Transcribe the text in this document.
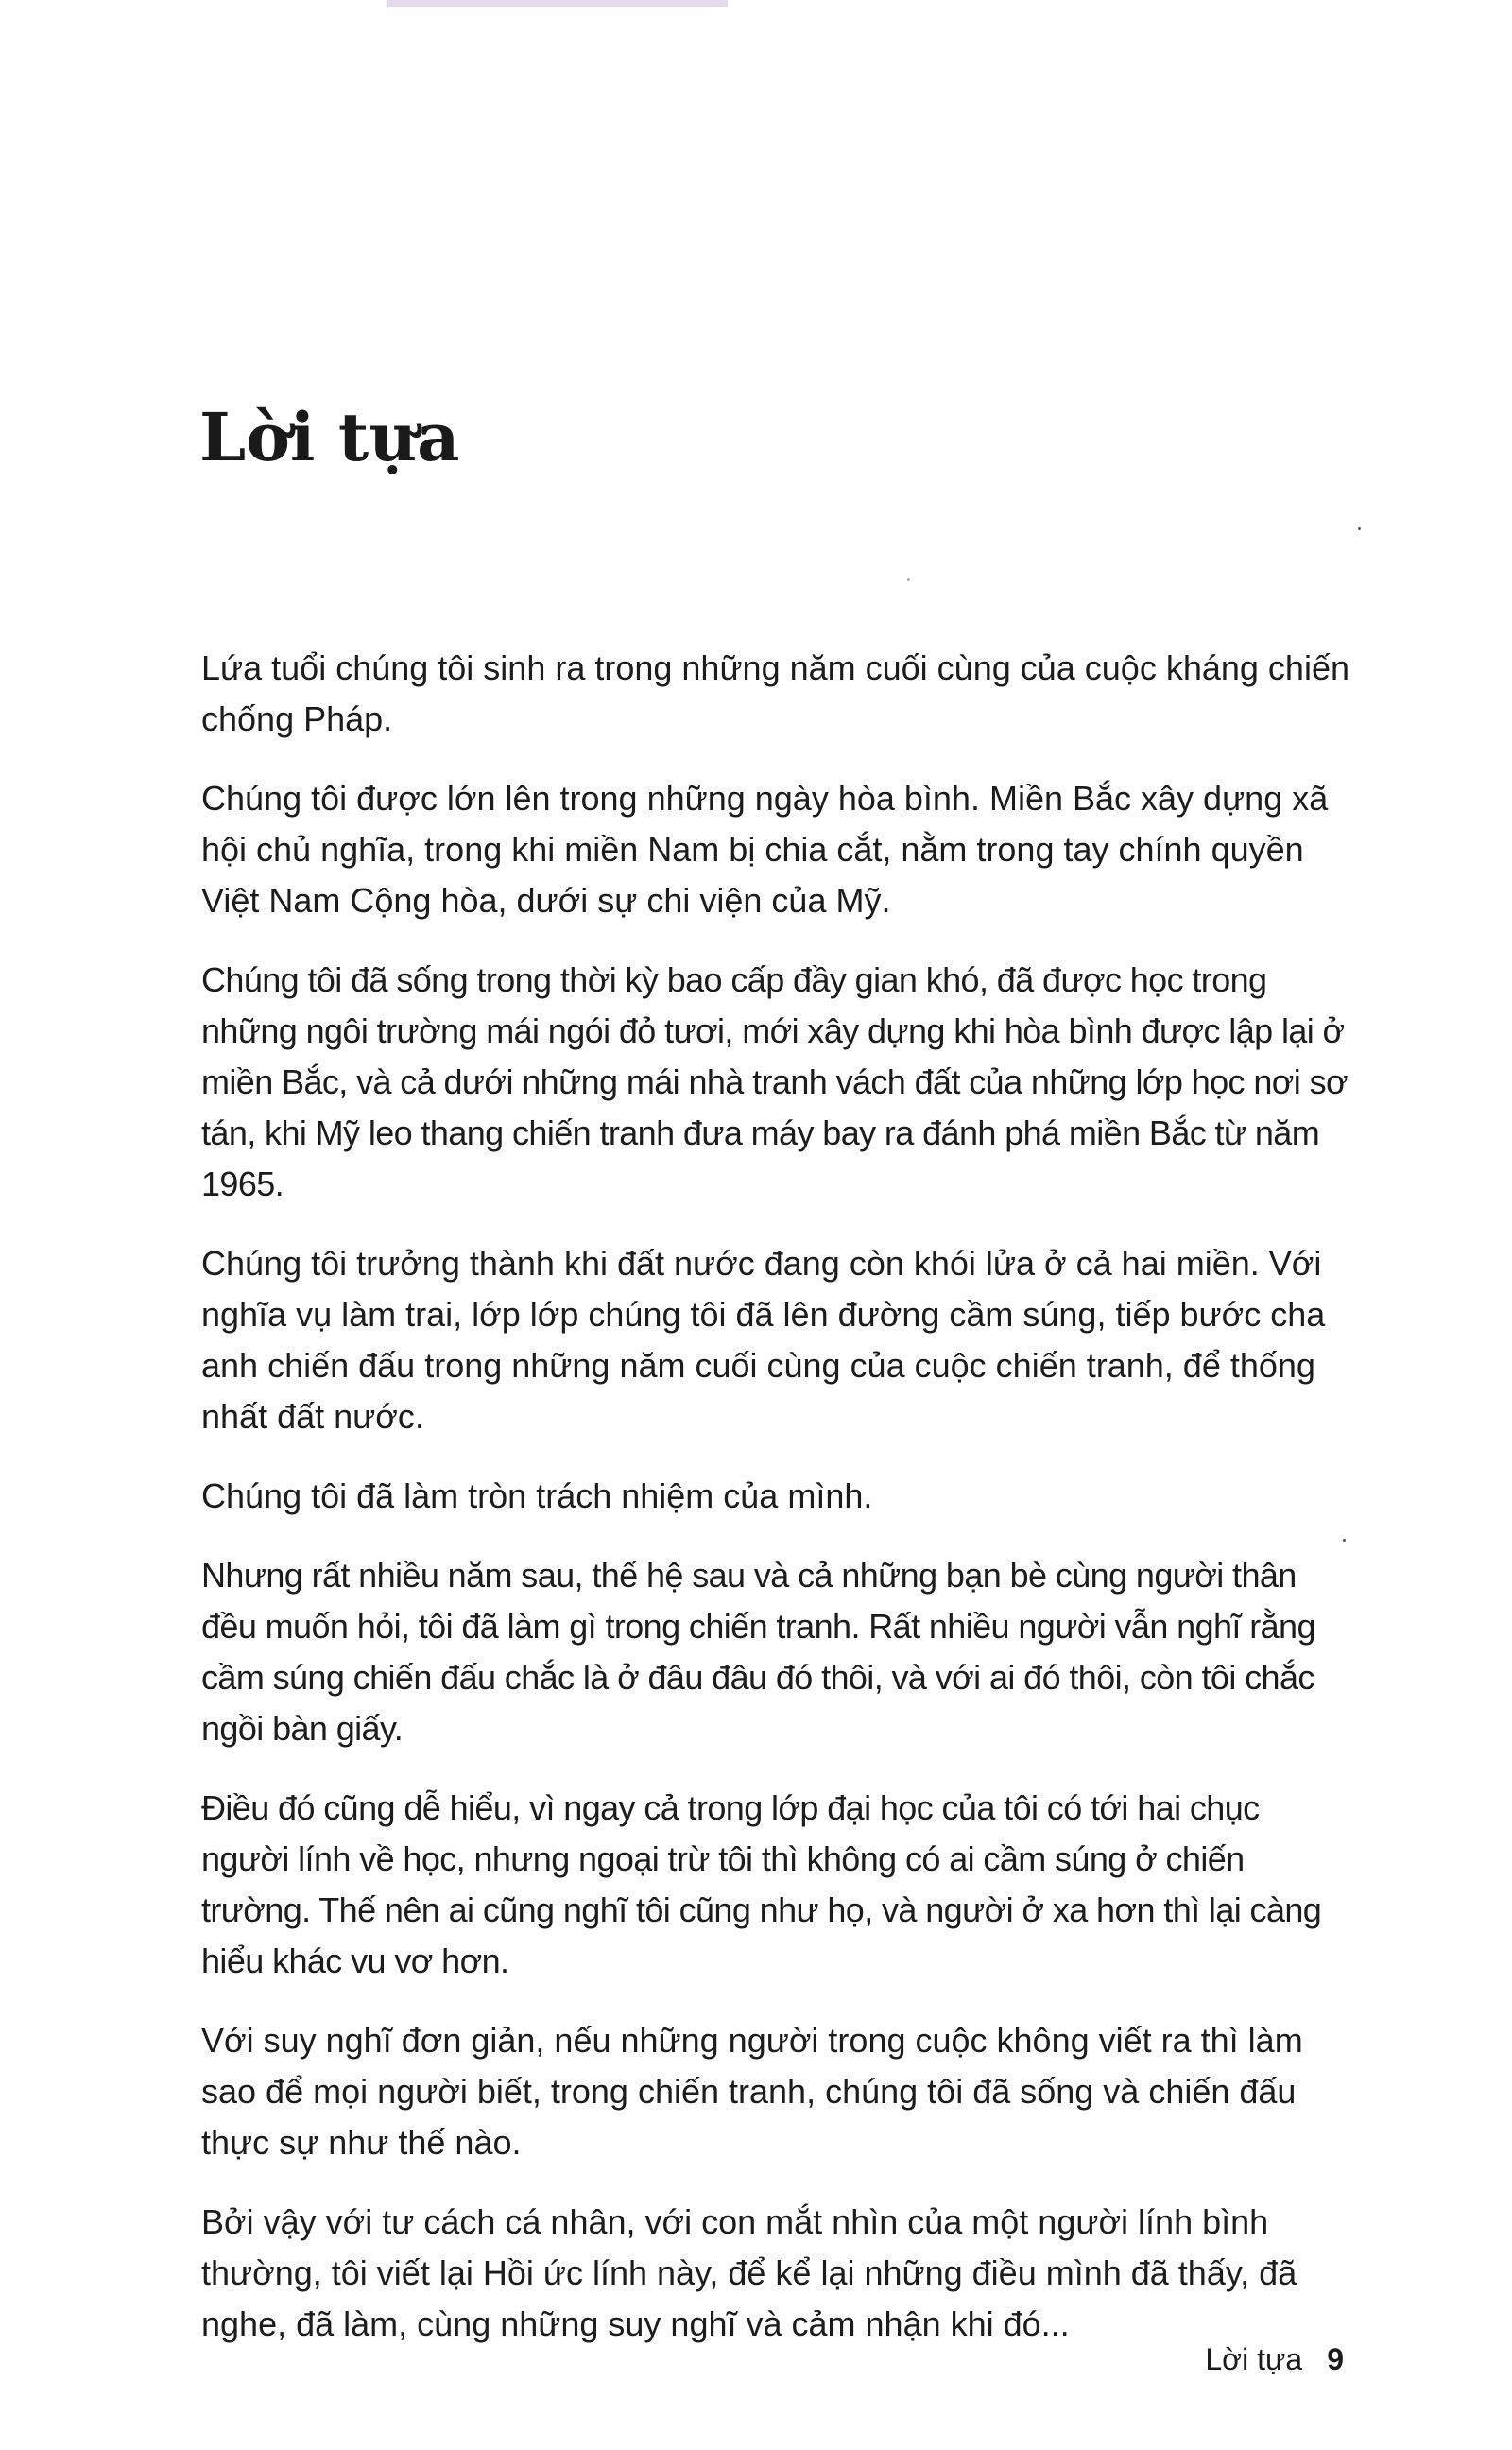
Lời tựa

Lứa tuổi chúng tôi sinh ra trong những năm cuối cùng của cuộc kháng chiến chống Pháp.

Chúng tôi được lớn lên trong những ngày hòa bình. Miền Bắc xây dựng xã hội chủ nghĩa, trong khi miền Nam bị chia cắt, nằm trong tay chính quyền Việt Nam Cộng hòa, dưới sự chi viện của Mỹ.

Chúng tôi đã sống trong thời kỳ bao cấp đầy gian khó, đã được học trong những ngôi trường mái ngói đỏ tươi, mới xây dựng khi hòa bình được lập lại ở miền Bắc, và cả dưới những mái nhà tranh vách đất của những lớp học nơi sơ tán, khi Mỹ leo thang chiến tranh đưa máy bay ra đánh phá miền Bắc từ năm 1965.

Chúng tôi trưởng thành khi đất nước đang còn khói lửa ở cả hai miền. Với nghĩa vụ làm trai, lớp lớp chúng tôi đã lên đường cầm súng, tiếp bước cha anh chiến đấu trong những năm cuối cùng của cuộc chiến tranh, để thống nhất đất nước.

Chúng tôi đã làm tròn trách nhiệm của mình.

Nhưng rất nhiều năm sau, thế hệ sau và cả những bạn bè cùng người thân đều muốn hỏi, tôi đã làm gì trong chiến tranh. Rất nhiều người vẫn nghĩ rằng cầm súng chiến đấu chắc là ở đâu đâu đó thôi, và với ai đó thôi, còn tôi chắc ngồi bàn giấy.

Điều đó cũng dễ hiểu, vì ngay cả trong lớp đại học của tôi có tới hai chục người lính về học, nhưng ngoại trừ tôi thì không có ai cầm súng ở chiến trường. Thế nên ai cũng nghĩ tôi cũng như họ, và người ở xa hơn thì lại càng hiểu khác vu vơ hơn.

Với suy nghĩ đơn giản, nếu những người trong cuộc không viết ra thì làm sao để mọi người biết, trong chiến tranh, chúng tôi đã sống và chiến đấu thực sự như thế nào.

Bởi vậy với tư cách cá nhân, với con mắt nhìn của một người lính bình thường, tôi viết lại Hồi ức lính này, để kể lại những điều mình đã thấy, đã nghe, đã làm, cùng những suy nghĩ và cảm nhận khi đó...

Lời tựa 9
